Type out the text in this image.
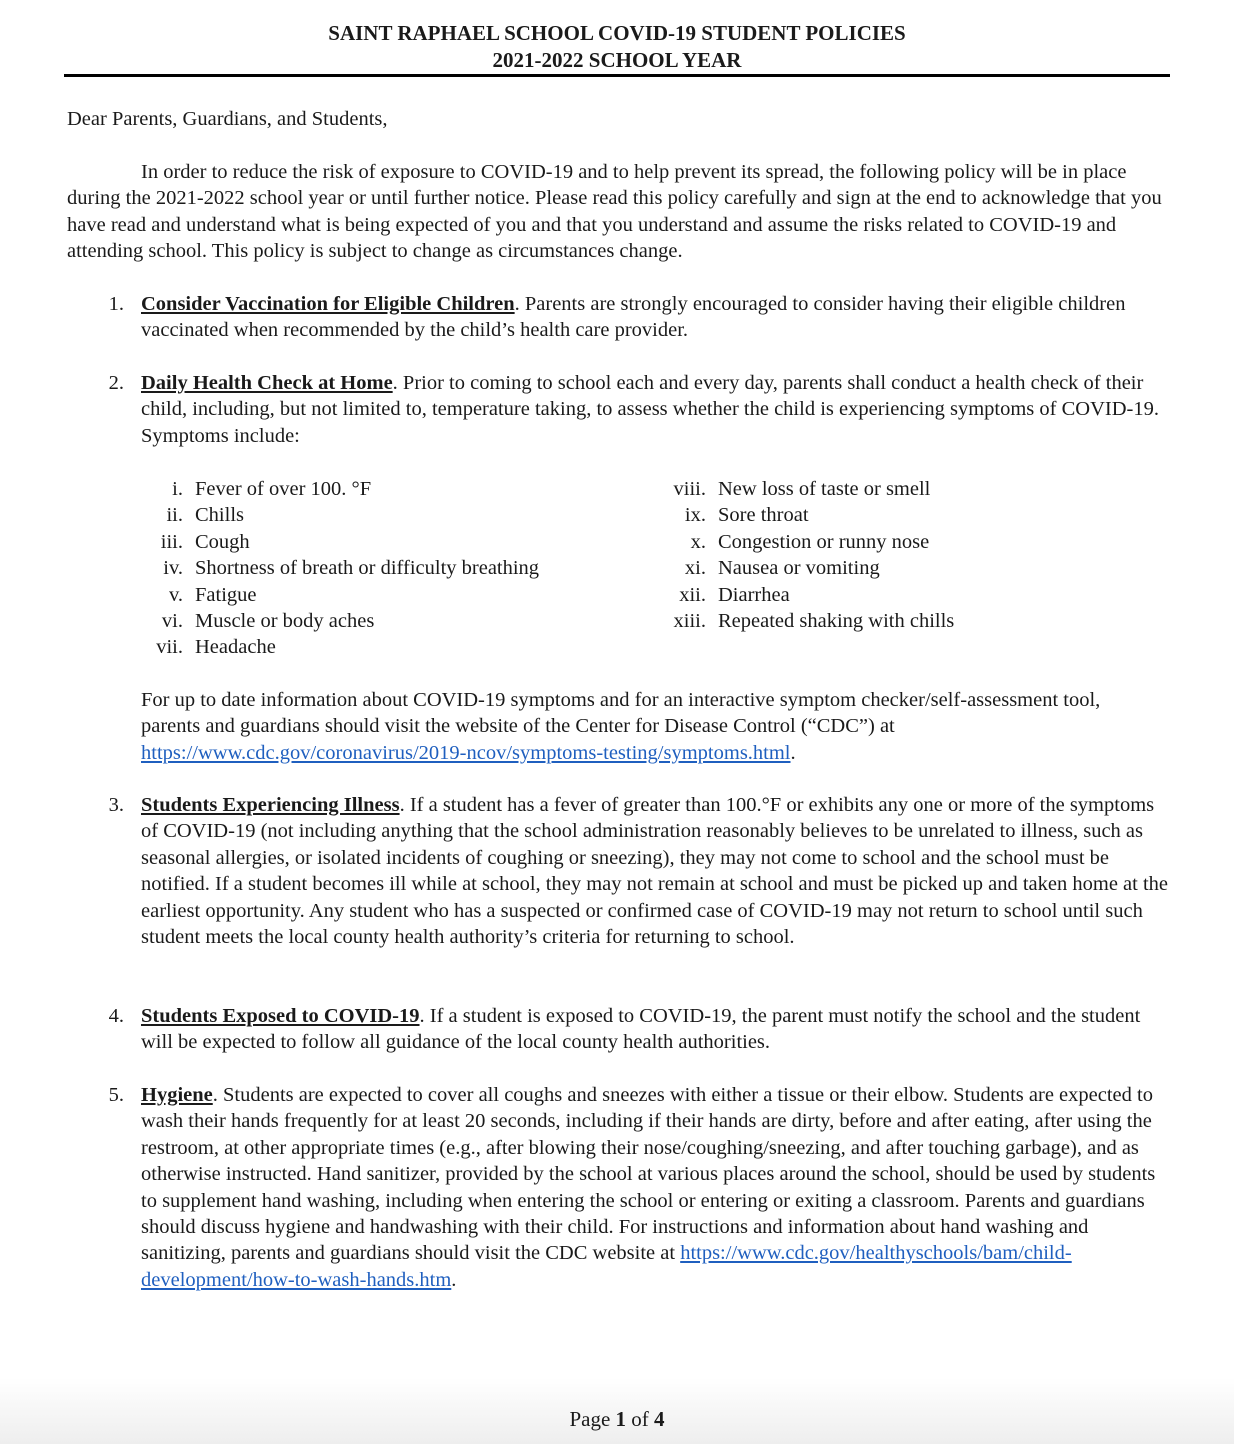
SAINT RAPHAEL SCHOOL COVID-19 STUDENT POLICIES
2021-2022 SCHOOL YEAR
Dear Parents, Guardians, and Students,

In order to reduce the risk of exposure to COVID-19 and to help prevent its spread, the following policy will be in place during the 2021-2022 school year or until further notice. Please read this policy carefully and sign at the end to acknowledge that you have read and understand what is being expected of you and that you understand and assume the risks related to COVID-19 and attending school. This policy is subject to change as circumstances change.

1. Consider Vaccination for Eligible Children. Parents are strongly encouraged to consider having their eligible children vaccinated when recommended by the child’s health care provider.
2. Daily Health Check at Home. Prior to coming to school each and every day, parents shall conduct a health check of their child, including, but not limited to, temperature taking, to assess whether the child is experiencing symptoms of COVID-19. Symptoms include:
i. Fever of over 100. °F
ii. Chills
iii. Cough
iv. Shortness of breath or difficulty breathing
v. Fatigue
vi. Muscle or body aches
vii. Headache
viii. New loss of taste or smell
ix. Sore throat
x. Congestion or runny nose
xi. Nausea or vomiting
xii. Diarrhea
xiii. Repeated shaking with chills
For up to date information about COVID-19 symptoms and for an interactive symptom checker/self-assessment tool, parents and guardians should visit the website of the Center for Disease Control (“CDC”) at https://www.cdc.gov/coronavirus/2019-ncov/symptoms-testing/symptoms.html.
3. Students Experiencing Illness. If a student has a fever of greater than 100.°F or exhibits any one or more of the symptoms of COVID-19 (not including anything that the school administration reasonably believes to be unrelated to illness, such as seasonal allergies, or isolated incidents of coughing or sneezing), they may not come to school and the school must be notified. If a student becomes ill while at school, they may not remain at school and must be picked up and taken home at the earliest opportunity. Any student who has a suspected or confirmed case of COVID-19 may not return to school until such student meets the local county health authority’s criteria for returning to school.
4. Students Exposed to COVID-19. If a student is exposed to COVID-19, the parent must notify the school and the student will be expected to follow all guidance of the local county health authorities.
5. Hygiene. Students are expected to cover all coughs and sneezes with either a tissue or their elbow. Students are expected to wash their hands frequently for at least 20 seconds, including if their hands are dirty, before and after eating, after using the restroom, at other appropriate times (e.g., after blowing their nose/coughing/sneezing, and after touching garbage), and as otherwise instructed. Hand sanitizer, provided by the school at various places around the school, should be used by students to supplement hand washing, including when entering the school or entering or exiting a classroom. Parents and guardians should discuss hygiene and handwashing with their child. For instructions and information about hand washing and sanitizing, parents and guardians should visit the CDC website at https://www.cdc.gov/healthyschools/bam/child-development/how-to-wash-hands.htm.
Page 1 of 4
